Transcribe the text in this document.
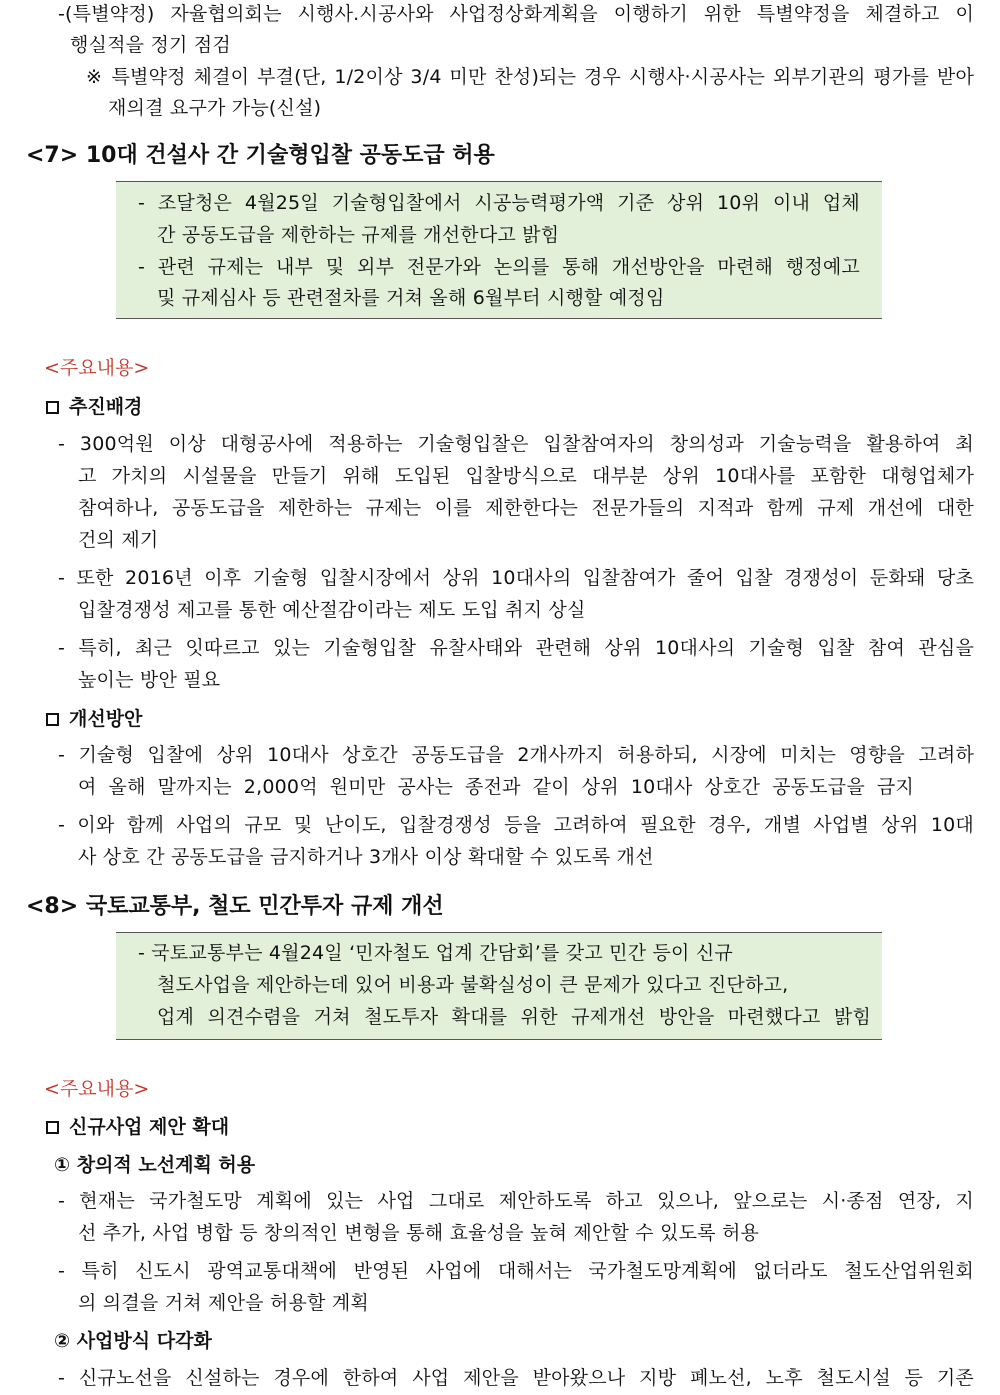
-(특별약정) 자율협의회는 시행사.시공사와 사업정상화계획을 이행하기 위한 특별약정을 체결하고 이
행실적을 정기 점검
※ 특별약정 체결이 부결(단, 1/2이상 3/4 미만 찬성)되는 경우 시행사·시공사는 외부기관의 평가를 받아
재의결 요구가 가능(신설)
<7> 10대 건설사 간 기술형입찰 공동도급 허용
- 조달청은 4월25일 기술형입찰에서 시공능력평가액 기준 상위 10위 이내 업체
간 공동도급을 제한하는 규제를 개선한다고 밝힘
- 관련 규제는 내부 및 외부 전문가와 논의를 통해 개선방안을 마련해 행정예고
및 규제심사 등 관련절차를 거쳐 올해 6월부터 시행할 예정임
<주요내용>
추진배경
- 300억원 이상 대형공사에 적용하는 기술형입찰은 입찰참여자의 창의성과 기술능력을 활용하여 최
고 가치의 시설물을 만들기 위해 도입된 입찰방식으로 대부분 상위 10대사를 포함한 대형업체가
참여하나, 공동도급을 제한하는 규제는 이를 제한한다는 전문가들의 지적과 함께 규제 개선에 대한
건의 제기
- 또한 2016년 이후 기술형 입찰시장에서 상위 10대사의 입찰참여가 줄어 입찰 경쟁성이 둔화돼 당초
입찰경쟁성 제고를 통한 예산절감이라는 제도 도입 취지 상실
- 특히, 최근 잇따르고 있는 기술형입찰 유찰사태와 관련해 상위 10대사의 기술형 입찰 참여 관심을
높이는 방안 필요
개선방안
- 기술형 입찰에 상위 10대사 상호간 공동도급을 2개사까지 허용하되, 시장에 미치는 영향을 고려하
여 올해 말까지는 2,000억 원미만 공사는 종전과 같이 상위 10대사 상호간 공동도급을 금지
- 이와 함께 사업의 규모 및 난이도, 입찰경쟁성 등을 고려하여 필요한 경우, 개별 사업별 상위 10대
사 상호 간 공동도급을 금지하거나 3개사 이상 확대할 수 있도록 개선
<8> 국토교통부, 철도 민간투자 규제 개선
- 국토교통부는 4월24일 ‘민자철도 업계 간담회’를 갖고 민간 등이 신규
철도사업을 제안하는데 있어 비용과 불확실성이 큰 문제가 있다고 진단하고,
업계 의견수렴을 거쳐 철도투자 확대를 위한 규제개선 방안을 마련했다고 밝힘
<주요내용>
신규사업 제안 확대
① 창의적 노선계획 허용
- 현재는 국가철도망 계획에 있는 사업 그대로 제안하도록 하고 있으나, 앞으로는 시·종점 연장, 지
선 추가, 사업 병합 등 창의적인 변형을 통해 효율성을 높혀 제안할 수 있도록 허용
- 특히 신도시 광역교통대책에 반영된 사업에 대해서는 국가철도망계획에 없더라도 철도산업위원회
의 의결을 거쳐 제안을 허용할 계획
② 사업방식 다각화
- 신규노선을 신설하는 경우에 한하여 사업 제안을 받아왔으나 지방 폐노선, 노후 철도시설 등 기존
